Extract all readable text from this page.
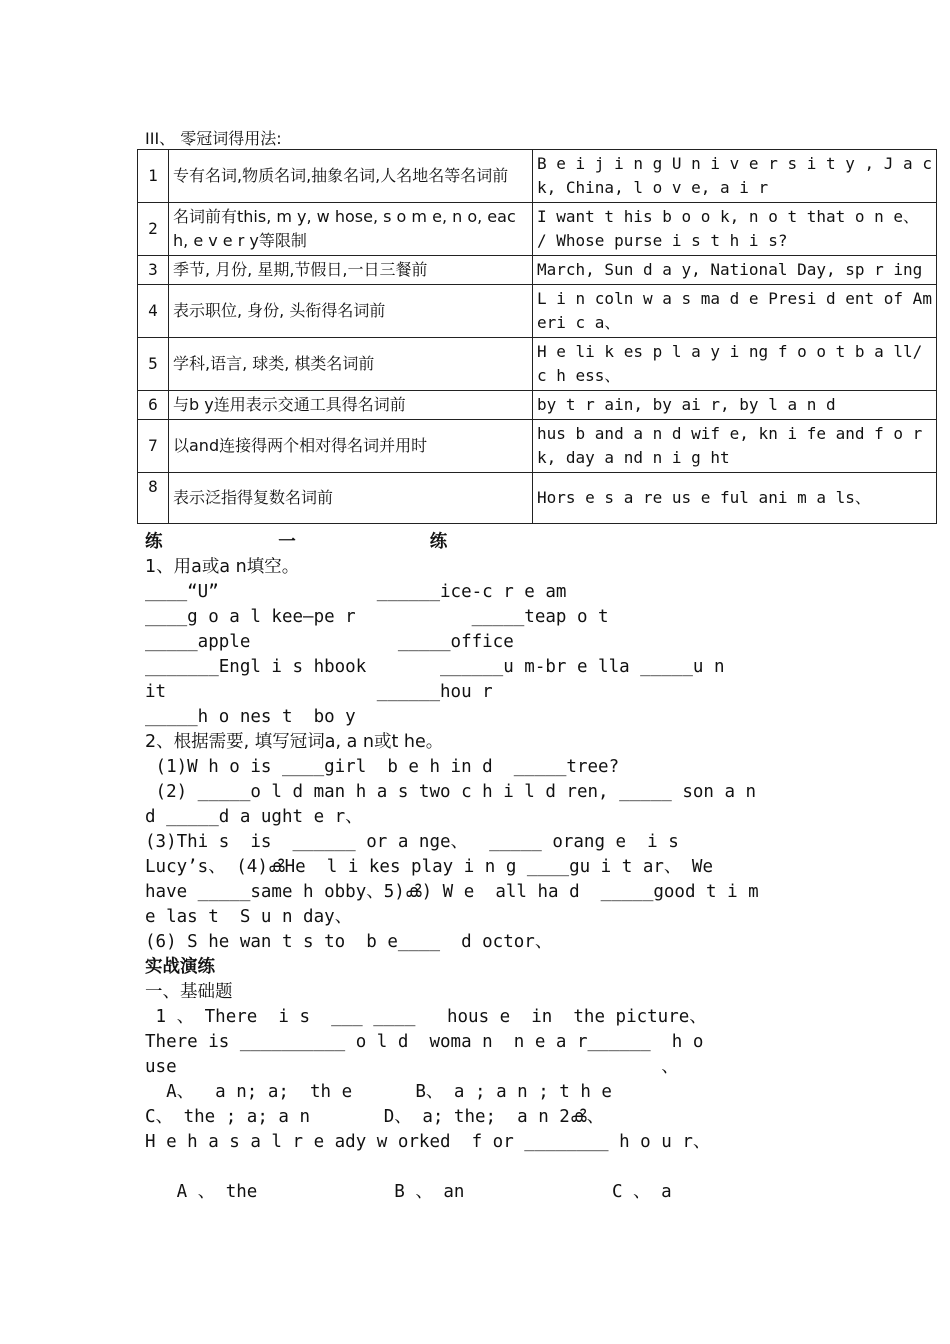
III、 零冠词得用法:
1	专有名词,物质名词,抽象名词,人名地名等名词前	B e i j i n g U n i v e r s i t y , J a c k, China, l o v e, a i r
2	名词前有this, m y, w hose, s o m e, n o, each, e v e r y等限制	I want t his b o o k, n o t that o n e、 / Whose purse i s t h i s?
3	季节, 月份, 星期,节假日,一日三餐前	March, Sun d a y, National Day, sp r ing
4	表示职位, 身份, 头衔得名词前	L i n coln w a s ma d e Presi d ent of Ameri c a、
5	学科,语言, 球类, 棋类名词前	H e li k es p l a y i ng f o o t b a ll/ c h ess、
6	与b y连用表示交通工具得名词前	by t r ain, by ai r, by l a n d
7	以and连接得两个相对得名词并用时	hus b and a n d wif e, kn i fe and f o r k, day a nd n i g ht
8	表示泛指得复数名词前	Hors e s a re us e ful ani m a ls、
练                   一                      练
1、用a或a n填空。
____“U”               ______ice-c r e am
____g o a l kee—pe r           _____teap o t
_____apple              _____office
_______Engl i s hbook       ______u m-br e lla _____u n
it                    ______hou r
_____h o nes t  bo y
2、根据需要, 填写冠词a, a n或t he。
(1)W h o is ____girl  b e h in d  _____tree?
(2) _____o l d man h a s two c h i l d ren, _____ son a n
d _____d a ught e r、
(3)Thi s  is  ______ or a nge、  _____ orang e  i s
Lucy’s、 (4)ൿHe  l i kes play i n g ____gu i t ar、 We
have _____same h obby、5)ൿ) W e  all ha d  _____good t i m
e las t  S u n day、
(6) S he wan t s to  b e____  d octor、
实战演练
一、基础题
1 、 There  i s  ___ ____   hous e  in  the picture、
There is __________ o l d  woma n  n e a r______  h o
use                                              、
A、  a n; a;  th e      B、 a ; a n ; t h e
C、 the ; a; a n       D、 a; the;  a n 2ൿ、
H e h a s a l r e ady w orked  f or ________ h o u r、
A 、 the             B 、 an              C 、 a
